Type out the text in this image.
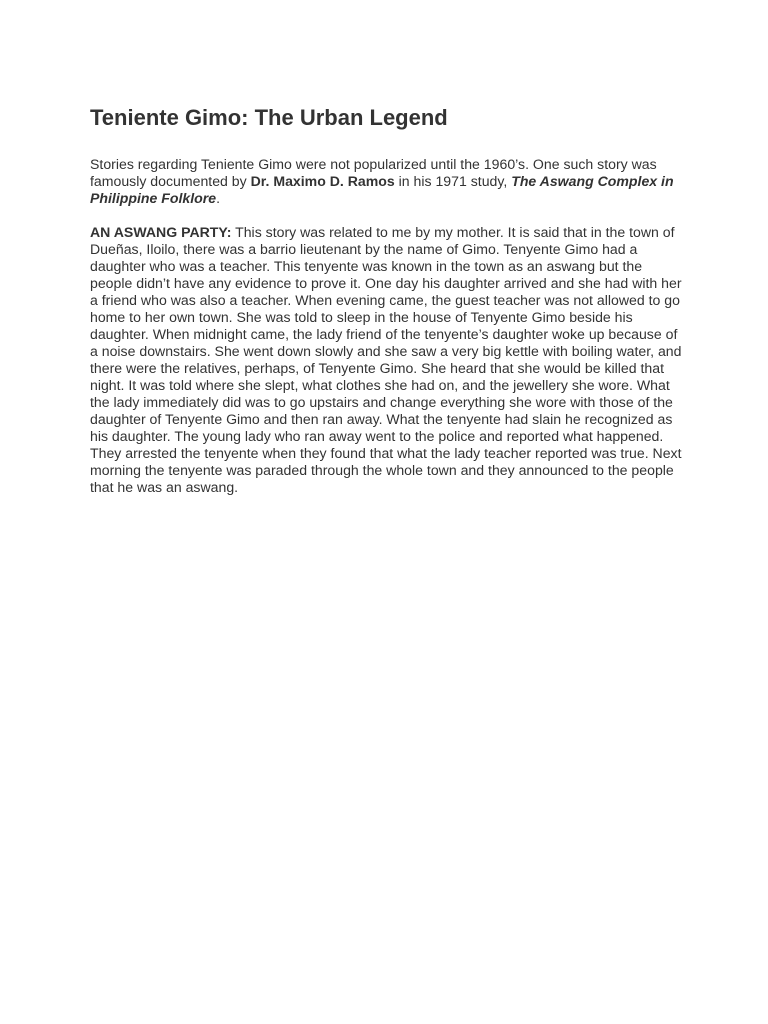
Teniente Gimo: The Urban Legend

Stories regarding Teniente Gimo were not popularized until the 1960’s. One such story was famously documented by Dr. Maximo D. Ramos in his 1971 study, The Aswang Complex in Philippine Folklore.

AN ASWANG PARTY: This story was related to me by my mother. It is said that in the town of Dueñas, Iloilo, there was a barrio lieutenant by the name of Gimo. Tenyente Gimo had a daughter who was a teacher. This tenyente was known in the town as an aswang but the people didn’t have any evidence to prove it. One day his daughter arrived and she had with her a friend who was also a teacher. When evening came, the guest teacher was not allowed to go home to her own town. She was told to sleep in the house of Tenyente Gimo beside his daughter. When midnight came, the lady friend of the tenyente’s daughter woke up because of a noise downstairs. She went down slowly and she saw a very big kettle with boiling water, and there were the relatives, perhaps, of Tenyente Gimo. She heard that she would be killed that night. It was told where she slept, what clothes she had on, and the jewellery she wore. What the lady immediately did was to go upstairs and change everything she wore with those of the daughter of Tenyente Gimo and then ran away. What the tenyente had slain he recognized as his daughter. The young lady who ran away went to the police and reported what happened. They arrested the tenyente when they found that what the lady teacher reported was true. Next morning the tenyente was paraded through the whole town and they announced to the people that he was an aswang.
